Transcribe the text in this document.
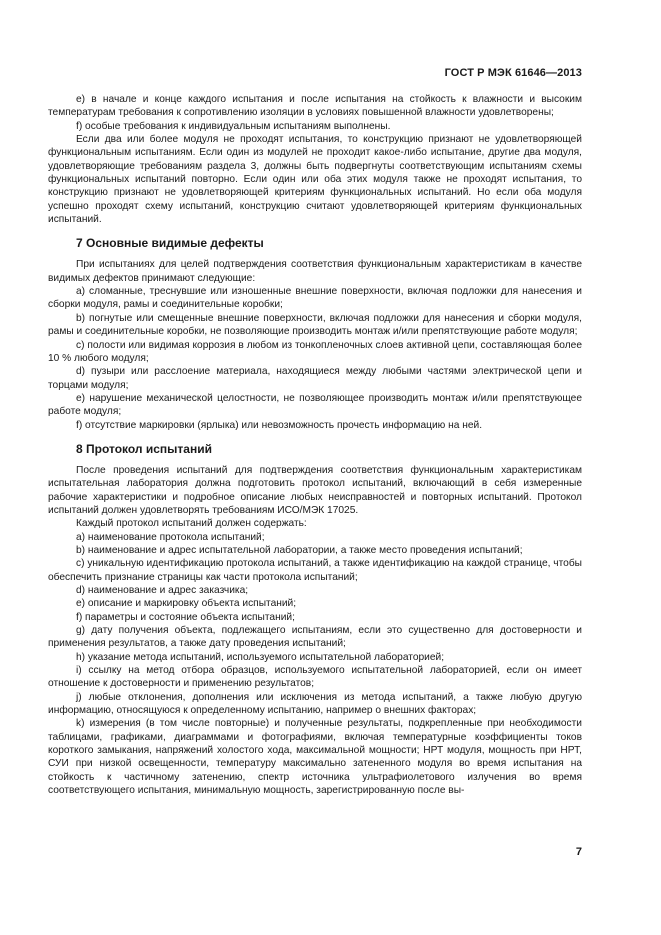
ГОСТ Р МЭК 61646—2013

е) в начале и конце каждого испытания и после испытания на стойкость к влажности и высоким температурам требования к сопротивлению изоляции в условиях повышенной влажности удовлетворены;

f) особые требования к индивидуальным испытаниям выполнены.

Если два или более модуля не проходят испытания, то конструкцию признают не удовлетворяющей функциональным испытаниям. Если один из модулей не проходит какое-либо испытание, другие два модуля, удовлетворяющие требованиям раздела 3, должны быть подвергнуты соответствующим испытаниям схемы функциональных испытаний повторно. Если один или оба этих модуля также не проходят испытания, то конструкцию признают не удовлетворяющей критериям функциональных испытаний. Но если оба модуля успешно проходят схему испытаний, конструкцию считают удовлетворяющей критериям функциональных испытаний.

7 Основные видимые дефекты

При испытаниях для целей подтверждения соответствия функциональным характеристикам в качестве видимых дефектов принимают следующие:

а) сломанные, треснувшие или изношенные внешние поверхности, включая подложки для нанесения и сборки модуля, рамы и соединительные коробки;

b) погнутые или смещенные внешние поверхности, включая подложки для нанесения и сборки модуля, рамы и соединительные коробки, не позволяющие производить монтаж и/или препятствующие работе модуля;

с) полости или видимая коррозия в любом из тонкопленочных слоев активной цепи, составляющая более 10 % любого модуля;

d) пузыри или расслоение материала, находящиеся между любыми частями электрической цепи и торцами модуля;

е) нарушение механической целостности, не позволяющее производить монтаж и/или препятствующее работе модуля;

f) отсутствие маркировки (ярлыка) или невозможность прочесть информацию на ней.

8 Протокол испытаний

После проведения испытаний для подтверждения соответствия функциональным характеристикам испытательная лаборатория должна подготовить протокол испытаний, включающий в себя измеренные рабочие характеристики и подробное описание любых неисправностей и повторных испытаний. Протокол испытаний должен удовлетворять требованиям ИСО/МЭК 17025.

Каждый протокол испытаний должен содержать:

а) наименование протокола испытаний;

b) наименование и адрес испытательной лаборатории, а также место проведения испытаний;

с) уникальную идентификацию протокола испытаний, а также идентификацию на каждой странице, чтобы обеспечить признание страницы как части протокола испытаний;

d) наименование и адрес заказчика;

е) описание и маркировку объекта испытаний;

f) параметры и состояние объекта испытаний;

g) дату получения объекта, подлежащего испытаниям, если это существенно для достоверности и применения результатов, а также дату проведения испытаний;

h) указание метода испытаний, используемого испытательной лабораторией;

i) ссылку на метод отбора образцов, используемого испытательной лабораторией, если он имеет отношение к достоверности и применению результатов;

j) любые отклонения, дополнения или исключения из метода испытаний, а также любую другую информацию, относящуюся к определенному испытанию, например о внешних факторах;

k) измерения (в том числе повторные) и полученные результаты, подкрепленные при необходимости таблицами, графиками, диаграммами и фотографиями, включая температурные коэффициенты токов короткого замыкания, напряжений холостого хода, максимальной мощности; НРТ модуля, мощность при НРТ, СУИ при низкой освещенности, температуру максимально затененного модуля во время испытания на стойкость к частичному затенению, спектр источника ультрафиолетового излучения во время соответствующего испытания, минимальную мощность, зарегистрированную после вы-

7
